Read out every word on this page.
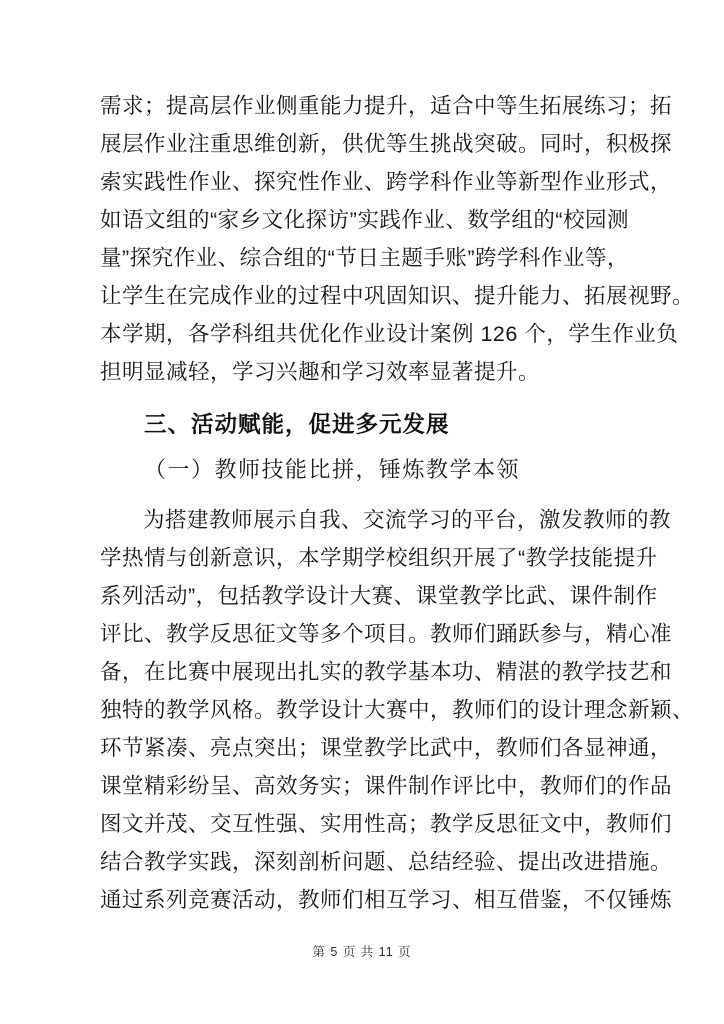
需求；提高层作业侧重能力提升，适合中等生拓展练习；拓
展层作业注重思维创新，供优等生挑战突破。同时，积极探
索实践性作业、探究性作业、跨学科作业等新型作业形式，
如语文组的“家乡文化探访”实践作业、数学组的“校园测
量”探究作业、综合组的“节日主题手账”跨学科作业等，
让学生在完成作业的过程中巩固知识、提升能力、拓展视野。
本学期，各学科组共优化作业设计案例 126 个，学生作业负
担明显减轻，学习兴趣和学习效率显著提升。
三、活动赋能，促进多元发展
（一）教师技能比拼，锤炼教学本领
为搭建教师展示自我、交流学习的平台，激发教师的教
学热情与创新意识，本学期学校组织开展了“教学技能提升
系列活动”，包括教学设计大赛、课堂教学比武、课件制作
评比、教学反思征文等多个项目。教师们踊跃参与，精心准
备，在比赛中展现出扎实的教学基本功、精湛的教学技艺和
独特的教学风格。教学设计大赛中，教师们的设计理念新颖、
环节紧凑、亮点突出；课堂教学比武中，教师们各显神通，
课堂精彩纷呈、高效务实；课件制作评比中，教师们的作品
图文并茂、交互性强、实用性高；教学反思征文中，教师们
结合教学实践，深刻剖析问题、总结经验、提出改进措施。
通过系列竞赛活动，教师们相互学习、相互借鉴，不仅锤炼
第 5 页 共 11 页
